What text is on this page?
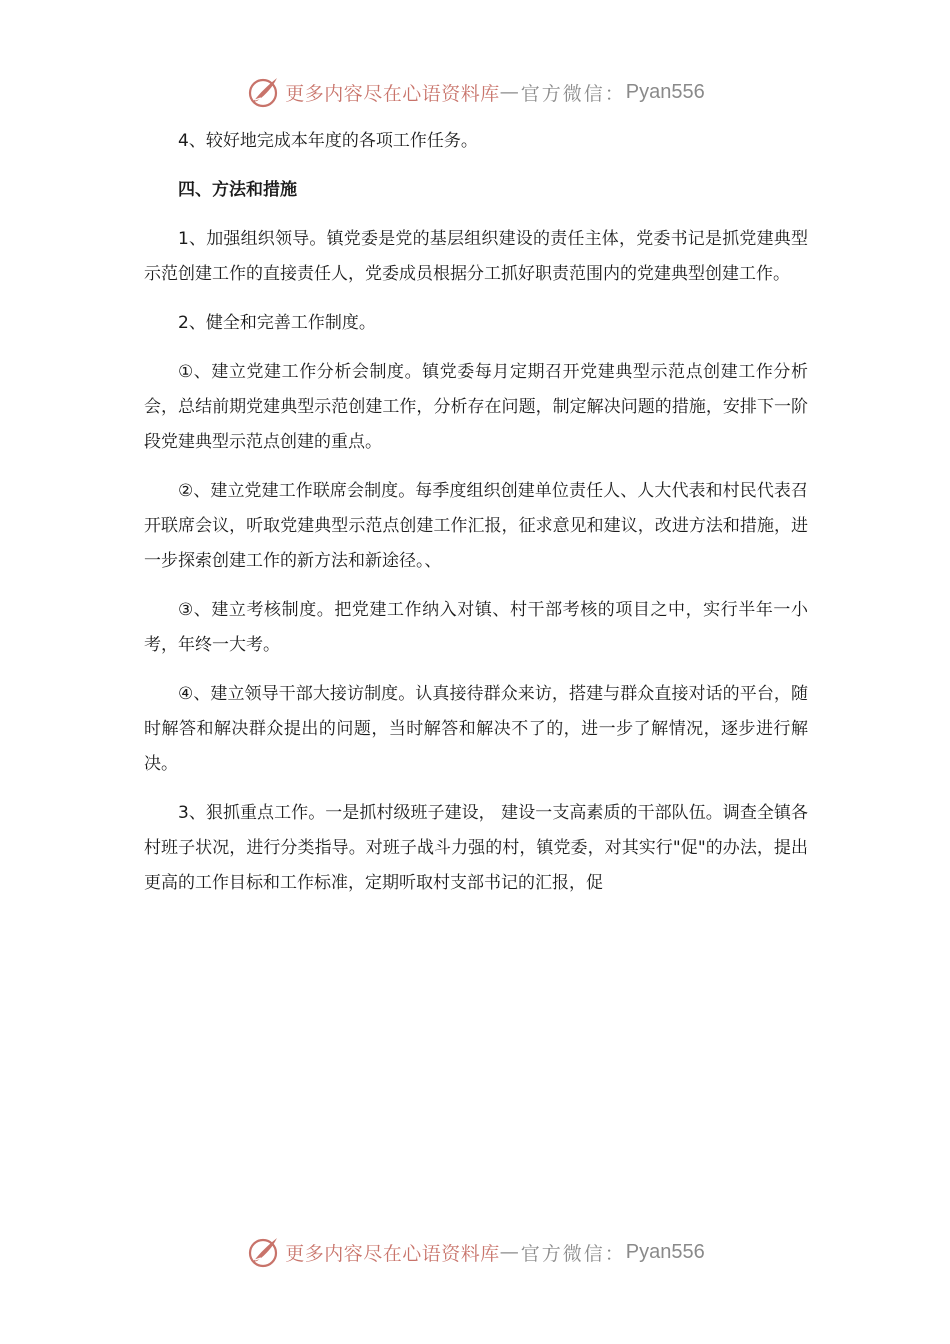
更多内容尽在心语资料库 — 官方微信： Pyan556

4、较好地完成本年度的各项工作任务。

四、方法和措施

1、加强组织领导。镇党委是党的基层组织建设的责任主体，党委书记是抓党建典型示范创建工作的直接责任人，党委成员根据分工抓好职责范围内的党建典型创建工作。

2、健全和完善工作制度。

①、建立党建工作分析会制度。镇党委每月定期召开党建典型示范点创建工作分析会，总结前期党建典型示范创建工作，分析存在问题，制定解决问题的措施，安排下一阶段党建典型示范点创建的重点。

②、建立党建工作联席会制度。每季度组织创建单位责任人、人大代表和村民代表召开联席会议，听取党建典型示范点创建工作汇报，征求意见和建议，改进方法和措施，进一步探索创建工作的新方法和新途径。、

③、建立考核制度。把党建工作纳入对镇、村干部考核的项目之中，实行半年一小考，年终一大考。

④、建立领导干部大接访制度。认真接待群众来访，搭建与群众直接对话的平台，随时解答和解决群众提出的问题，当时解答和解决不了的，进一步了解情况，逐步进行解决。

3、狠抓重点工作。一是抓村级班子建设， 建设一支高素质的干部队伍。调查全镇各村班子状况，进行分类指导。对班子战斗力强的村，镇党委，对其实行"促"的办法，提出更高的工作目标和工作标准，定期听取村支部书记的汇报，促

更多内容尽在心语资料库 — 官方微信： Pyan556
